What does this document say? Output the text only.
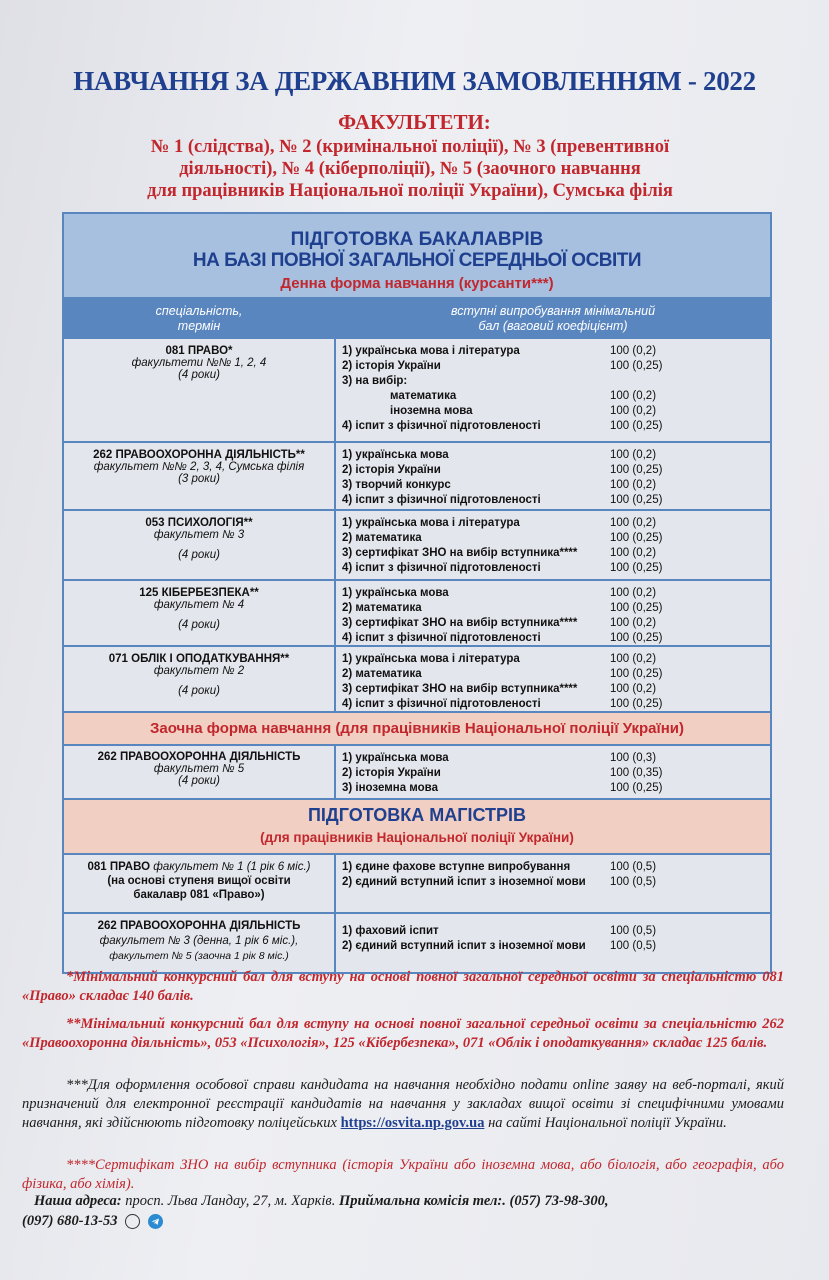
НАВЧАННЯ ЗА ДЕРЖАВНИМ ЗАМОВЛЕННЯМ - 2022
ФАКУЛЬТЕТИ:
№ 1 (слідства), № 2 (кримінальної поліції), № 3 (превентивної
діяльності), № 4 (кіберполіції), № 5 (заочного навчання
для працівників Національної поліції України), Сумська філія
ПІДГОТОВКА БАКАЛАВРІВ
НА БАЗІ ПОВНОЇ ЗАГАЛЬНОЇ СЕРЕДНЬОЇ ОСВІТИ
Денна форма навчання (курсанти***)
спеціальність,
термін
вступні випробування мінімальний
бал (ваговий коефіцієнт)
081 ПРАВО*
факультети №№ 1, 2, 4
(4 роки)
1) українська мова і література	100 (0,2)
2) історія України	100 (0,25)
3) на вибір:
математика	100 (0,2)
іноземна мова	100 (0,2)
4) іспит з фізичної підготовленості	100 (0,25)
262 ПРАВООХОРОННА ДІЯЛЬНІСТЬ**
факультет №№ 2, 3, 4, Сумська філія
(3 роки)
1) українська мова	100 (0,2)
2) історія України	100 (0,25)
3) творчий конкурс	100 (0,2)
4) іспит з фізичної підготовленості	100 (0,25)
053 ПСИХОЛОГІЯ**
факультет № 3
(4 роки)
1) українська мова і література	100 (0,2)
2) математика	100 (0,25)
3) сертифікат ЗНО на вибір вступника****	100 (0,2)
4) іспит з фізичної підготовленості	100 (0,25)
125 КІБЕРБЕЗПЕКА**
факультет № 4
(4 роки)
1) українська мова	100 (0,2)
2) математика	100 (0,25)
3) сертифікат ЗНО на вибір вступника****	100 (0,2)
4) іспит з фізичної підготовленості	100 (0,25)
071 ОБЛІК І ОПОДАТКУВАННЯ**
факультет № 2
(4 роки)
1) українська мова і література	100 (0,2)
2) математика	100 (0,25)
3) сертифікат ЗНО на вибір вступника****	100 (0,2)
4) іспит з фізичної підготовленості	100 (0,25)
Заочна форма навчання (для працівників Національної поліції України)
262 ПРАВООХОРОННА ДІЯЛЬНІСТЬ
факультет № 5
(4 роки)
1) українська мова	100 (0,3)
2) історія України	100 (0,35)
3) іноземна мова	100 (0,25)
ПІДГОТОВКА МАГІСТРІВ
(для працівників Національної поліції України)
081 ПРАВО факультет № 1 (1 рік 6 міс.)
(на основі ступеня вищої освіти
бакалавр 081 «Право»)
1) єдине фахове вступне випробування	100 (0,5)
2) єдиний вступний іспит з іноземної мови	100 (0,5)
262 ПРАВООХОРОННА ДІЯЛЬНІСТЬ
факультет № 3 (денна, 1 рік 6 міс.),
факультет № 5 (заочна 1 рік 8 міс.)
1) фаховий іспит	100 (0,5)
2) єдиний вступний іспит з іноземної мови	100 (0,5)
*Мінімальний конкурсний бал для вступу на основі повної загальної середньої освіти за спеціальністю 081 «Право» складає 140 балів.
**Мінімальний конкурсний бал для вступу на основі повної загальної середньої освіти за спеціальністю 262 «Правоохоронна діяльність», 053 «Психологія», 125 «Кібербезпека», 071 «Облік і оподаткування» складає 125 балів.
***Для оформлення особової справи кандидата на навчання необхідно подати online заяву на веб-порталі, який призначений для електронної реєстрації кандидатів на навчання у закладах вищої освіти зі специфічними умовами навчання, які здійснюють підготовку поліцейських https://osvita.np.gov.ua на сайті Національної поліції України.
****Сертифікат ЗНО на вибір вступника (історія України або іноземна мова, або біологія, або географія, або фізика, або хімія).
Наша адреса: просп. Льва Ландау, 27, м. Харків. Приймальна комісія тел:. (057) 73-98-300,
(097) 680-13-53
